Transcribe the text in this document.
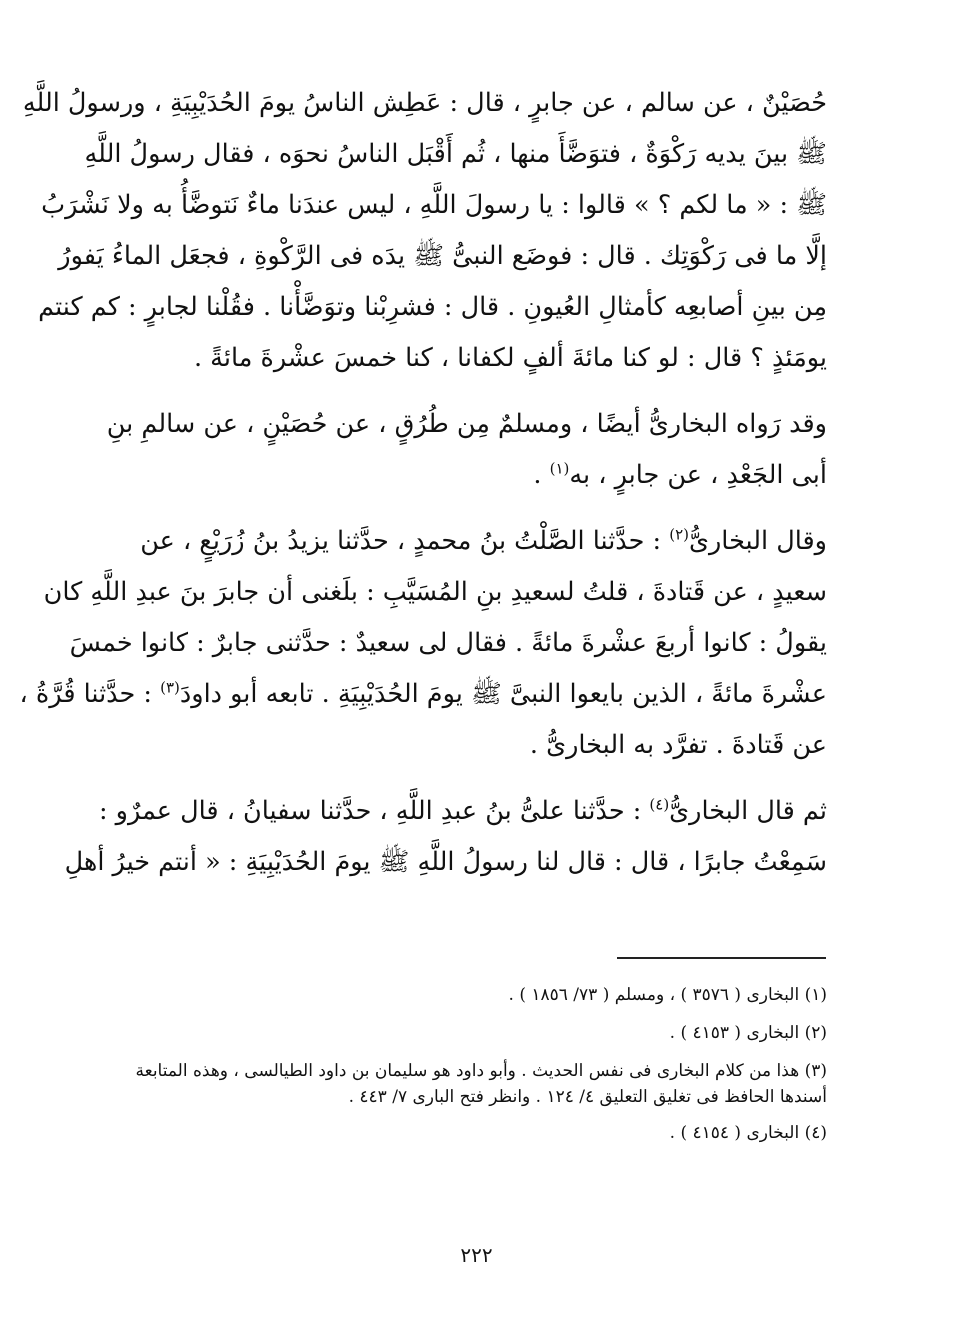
حُصَيْنٌ ، عن سالم ، عن جابرٍ ، قال : عَطِش الناسُ يومَ الحُدَيْبِيَةِ ، ورسولُ اللَّهِ
ﷺ بينَ يديه رَكْوَةٌ ، فتوَضَّأَ منها ، ثُم أَقْبَل الناسُ نحوَه ، فقال رسولُ اللَّهِ
ﷺ : « ما لكم ؟ » قالوا : يا رسولَ اللَّهِ ، ليس عندَنا ماءٌ نَتوضَّأُ به ولا نَشْرَبُ
إلَّا ما فى رَكْوَتِك . قال : فوضَع النبىُّ ﷺ يدَه فى الرَّكْوةِ ، فجعَل الماءُ يَفورُ
مِن بينِ أصابعِه كأمثالِ العُيونِ . قال : فشرِبْنا وتوَضَّأْنا . فقُلْنا لجابرٍ : كم كنتم
يومَئذٍ ؟ قال : لو كنا مائةَ ألفٍ لكفانا ، كنا خمسَ عشْرةَ مائةً .

وقد رَواه البخارىُّ أيضًا ، ومسلمٌ مِن طُرُقٍ ، عن حُصَيْنٍ ، عن سالمِ بنِ
أبى الجَعْدِ ، عن جابرٍ ، به$^{(١)}$ .

وقال البخارىُّ$^{(٢)}$ : حدَّثنا الصَّلْتُ بنُ محمدٍ ، حدَّثنا يزيدُ بنُ زُرَيْعٍ ، عن
سعيدٍ ، عن قَتادةَ ، قلتُ لسعيدِ بنِ المُسَيَّبِ : بلَغنى أن جابرَ بنَ عبدِ اللَّهِ كان
يقولُ : كانوا أربعَ عشْرةَ مائةً . فقال لى سعيدٌ : حدَّثنى جابرٌ : كانوا خمسَ
عشْرةَ مائةً ، الذين بايعوا النبىَّ ﷺ يومَ الحُدَيْبِيَةِ . تابعه أبو داودَ$^{(٣)}$ : حدَّثنا قُرَّةُ ،
عن قَتادةَ . تفرَّد به البخارىُّ .

ثم قال البخارىُّ$^{(٤)}$ : حدَّثنا علىُّ بنُ عبدِ اللَّهِ ، حدَّثنا سفيانُ ، قال عمرٌو :
سَمِعْتُ جابرًا ، قال : قال لنا رسولُ اللَّهِ ﷺ يومَ الحُدَيْبِيَةِ : « أنتم خيرُ أهلِ

(١) البخارى ( ٣٥٧٦ ) ، ومسلم ( ٧٣/ ١٨٥٦ ) .
(٢) البخارى ( ٤١٥٣ ) .
(٣) هذا من كلام البخارى فى نفس الحديث . وأبو داود هو سليمان بن داود الطيالسى ، وهذه المتابعة
أسندها الحافظ فى تغليق التعليق ٤/ ١٢٤ . وانظر فتح البارى ٧/ ٤٤٣ .
(٤) البخارى ( ٤١٥٤ ) .
٢٢٢
